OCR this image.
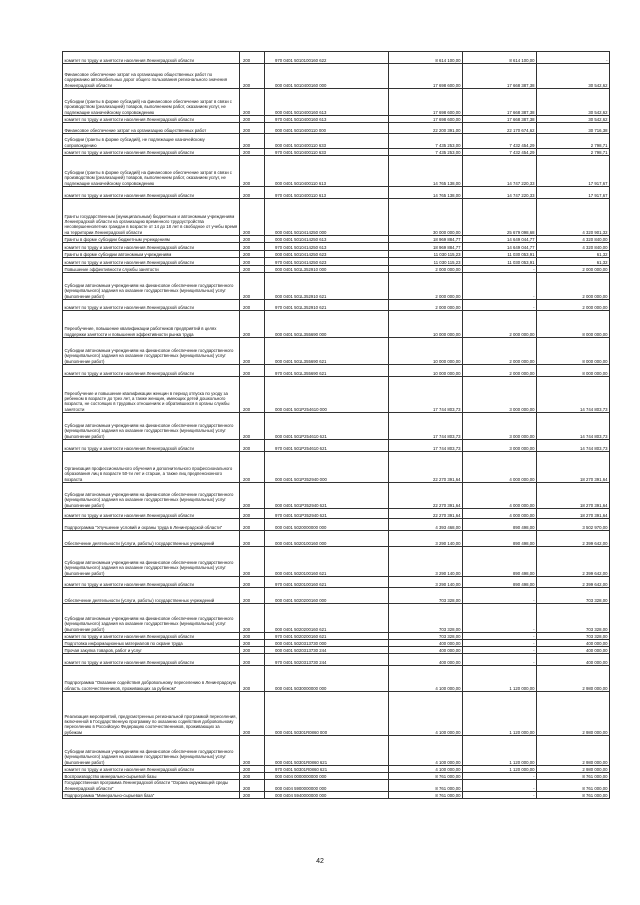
комитет по труду и занятости населения Ленинградской области	200	970 0401 5010100160 622	8 614 100,00	8 614 100,00	-
Финансовое обеспечение затрат на организацию общественных работ по содержанию автомобильных дорог общего пользования регионального значения Ленинградской области	200	000 0401 5010400160 000	17 698 600,00	17 668 387,38	30 542,62
Субсидии (гранты в форме субсидий) на финансовое обеспечение затрат в связи с производством (реализацией) товаров, выполнением работ, оказанием услуг, не подлежащие казначейскому сопровождению	200	000 0401 5010400160 613	17 698 600,00	17 668 387,38	30 542,62
комитет по труду и занятости населения Ленинградской области	200	970 0401 5010400160 613	17 698 600,00	17 668 387,38	30 542,62
Финансовое обеспечение затрат на организацию общественных работ	200	000 0401 5010400110 000	22 200 391,00	22 170 674,62	30 716,38
Субсидии (гранты в форме субсидий), не подлежащие казначейскому сопровождению	200	000 0401 5010400110 633	7 435 253,00	7 432 454,29	2 798,71
комитет по труду и занятости населения Ленинградской области	200	970 0401 5010400110 633	7 435 253,00	7 432 454,29	2 798,71
Субсидии (гранты в форме субсидий) на финансовое обеспечение затрат в связи с производством (реализацией) товаров, выполнением работ, оказанием услуг, не подлежащие казначейскому сопровождению	200	000 0401 5010400110 613	14 765 138,00	14 747 220,33	17 917,67
комитет по труду и занятости населения Ленинградской области	200	970 0401 5010400110 613	14 765 138,00	14 747 220,33	17 917,67
Гранты государственным (муниципальным) бюджетным и автономным учреждениям Ленинградской области на организацию временного трудоустройства несовершеннолетних граждан в возрасте от 14 до 18 лет в свободное от учебы время на территории Ленинградской области	200	000 0401 5010414250 000	30 000 000,00	25 679 098,68	4 320 901,32
Гранты в форме субсидии бюджетным учреждениям	200	000 0401 5010414250 613	18 969 884,77	14 649 044,77	4 320 840,00
комитет по труду и занятости населения Ленинградской области	200	970 0401 5010414250 613	18 969 884,77	14 649 044,77	4 320 840,00
Гранты в форме субсидии автономным учреждениям	200	000 0401 5010414250 623	11 030 115,23	11 030 053,91	61,32
комитет по труду и занятости населения Ленинградской области	200	970 0401 5010414250 623	11 030 115,23	11 030 053,91	61,32
Повышение эффективности службы занятости	200	000 0401 501L352910 000	2 000 000,00	-	2 000 000,00
Субсидии автономным учреждениям на финансовое обеспечение государственного (муниципального) задания на оказание государственных (муниципальных) услуг (выполнение работ)	200	000 0401 501L352910 621	2 000 000,00	-	2 000 000,00
комитет по труду и занятости населения Ленинградской области	200	970 0401 501L352910 621	2 000 000,00	-	2 000 000,00
Переобучение, повышение квалификации работников предприятий в целях поддержки занятости и повышения эффективности рынка труда	200	000 0401 501L355690 000	10 000 000,00	2 000 000,00	8 000 000,00
Субсидии автономным учреждениям на финансовое обеспечение государственного (муниципального) задания на оказание государственных (муниципальных) услуг (выполнение работ)	200	000 0401 501L355690 621	10 000 000,00	2 000 000,00	8 000 000,00
комитет по труду и занятости населения Ленинградской области	200	970 0401 501L355690 621	10 000 000,00	2 000 000,00	8 000 000,00
Переобучение и повышение квалификации женщин в период отпуска по уходу за ребенком в возрасте до трех лет, а также женщин, имеющих детей дошкольного возраста, не состоящих в трудовых отношениях и обратившихся в органы службы занятости	200	000 0401 501P254610 000	17 744 803,73	3 000 000,00	14 744 803,73
Субсидии автономным учреждениям на финансовое обеспечение государственного (муниципального) задания на оказание государственных (муниципальных) услуг (выполнение работ)	200	000 0401 501P254610 621	17 744 803,73	3 000 000,00	14 744 803,73
комитет по труду и занятости населения Ленинградской области	200	970 0401 501P254610 621	17 744 803,73	3 000 000,00	14 744 803,73
Организация профессионального обучения и дополнительного профессионального образования лиц в возрасте 50-ти лет и старше, а также лиц предпенсионного возраста	200	000 0401 501P352940 000	22 270 391,64	4 000 000,00	18 270 391,64
Субсидии автономным учреждениям на финансовое обеспечение государственного (муниципального) задания на оказание государственных (муниципальных) услуг (выполнение работ)	200	000 0401 501P352940 621	22 270 391,64	4 000 000,00	18 270 391,64
комитет по труду и занятости населения Ленинградской области	200	970 0401 501P352940 621	22 270 391,64	4 000 000,00	18 270 391,64
Подпрограмма "Улучшение условий и охраны труда в Ленинградской области"	200	000 0401 5020000000 000	4 393 468,00	890 498,00	3 502 970,00
Обеспечение деятельности (услуги, работы) государственных учреждений	200	000 0401 5020100160 000	3 290 140,00	890 498,00	2 399 642,00
Субсидии автономным учреждениям на финансовое обеспечение государственного (муниципального) задания на оказание государственных (муниципальных) услуг (выполнение работ)	200	000 0401 5020100160 621	3 290 140,00	890 498,00	2 399 642,00
комитет по труду и занятости населения Ленинградской области	200	970 0401 5020100160 621	3 290 140,00	890 498,00	2 399 642,00
Обеспечение деятельности (услуги, работы) государственных учреждений	200	000 0401 5020200160 000	703 328,00	-	703 328,00
Субсидии автономным учреждениям на финансовое обеспечение государственного (муниципального) задания на оказание государственных (муниципальных) услуг (выполнение работ)	200	000 0401 5020200160 621	703 328,00	-	703 328,00
комитет по труду и занятости населения Ленинградской области	200	970 0401 5020200160 621	703 328,00	-	703 328,00
Подготовка информационных материалов по охране труда	200	000 0401 5020313730 000	400 000,00	-	400 000,00
Прочая закупка товаров, работ и услуг	200	000 0401 5020313730 244	400 000,00	-	400 000,00
комитет по труду и занятости населения Ленинградской области	200	970 0401 5020313730 244	400 000,00	-	400 000,00
Подпрограмма "Оказание содействия добровольному переселению в Ленинградскую область соотечественников, проживающих за рубежом"	200	000 0401 5030000000 000	4 100 000,00	1 120 000,00	2 980 000,00
Реализация мероприятий, предусмотренных региональной программой переселения, включенной в Государственную программу по оказанию содействия добровольному переселению в Российскую Федерацию соотечественников, проживающих за рубежом	200	000 0401 50301R0860 000	4 100 000,00	1 120 000,00	2 980 000,00
Субсидии автономным учреждениям на финансовое обеспечение государственного (муниципального) задания на оказание государственных (муниципальных) услуг (выполнение работ)	200	000 0401 50301R0860 621	4 100 000,00	1 120 000,00	2 980 000,00
комитет по труду и занятости населения Ленинградской области	200	970 0401 50301R0860 621	4 100 000,00	1 120 000,00	2 980 000,00
Воспроизводство минерально-сырьевой базы	200	000 0404 0000000000 000	8 761 000,00	-	8 761 000,00
Государственная программа Ленинградской области "Охрана окружающей среды Ленинградской области"	200	000 0404 5900000000 000	8 761 000,00	-	8 761 000,00
Подпрограмма "Минерально-сырьевая база"	200	000 0404 5940000000 000	8 761 000,00	-	8 761 000,00
42
